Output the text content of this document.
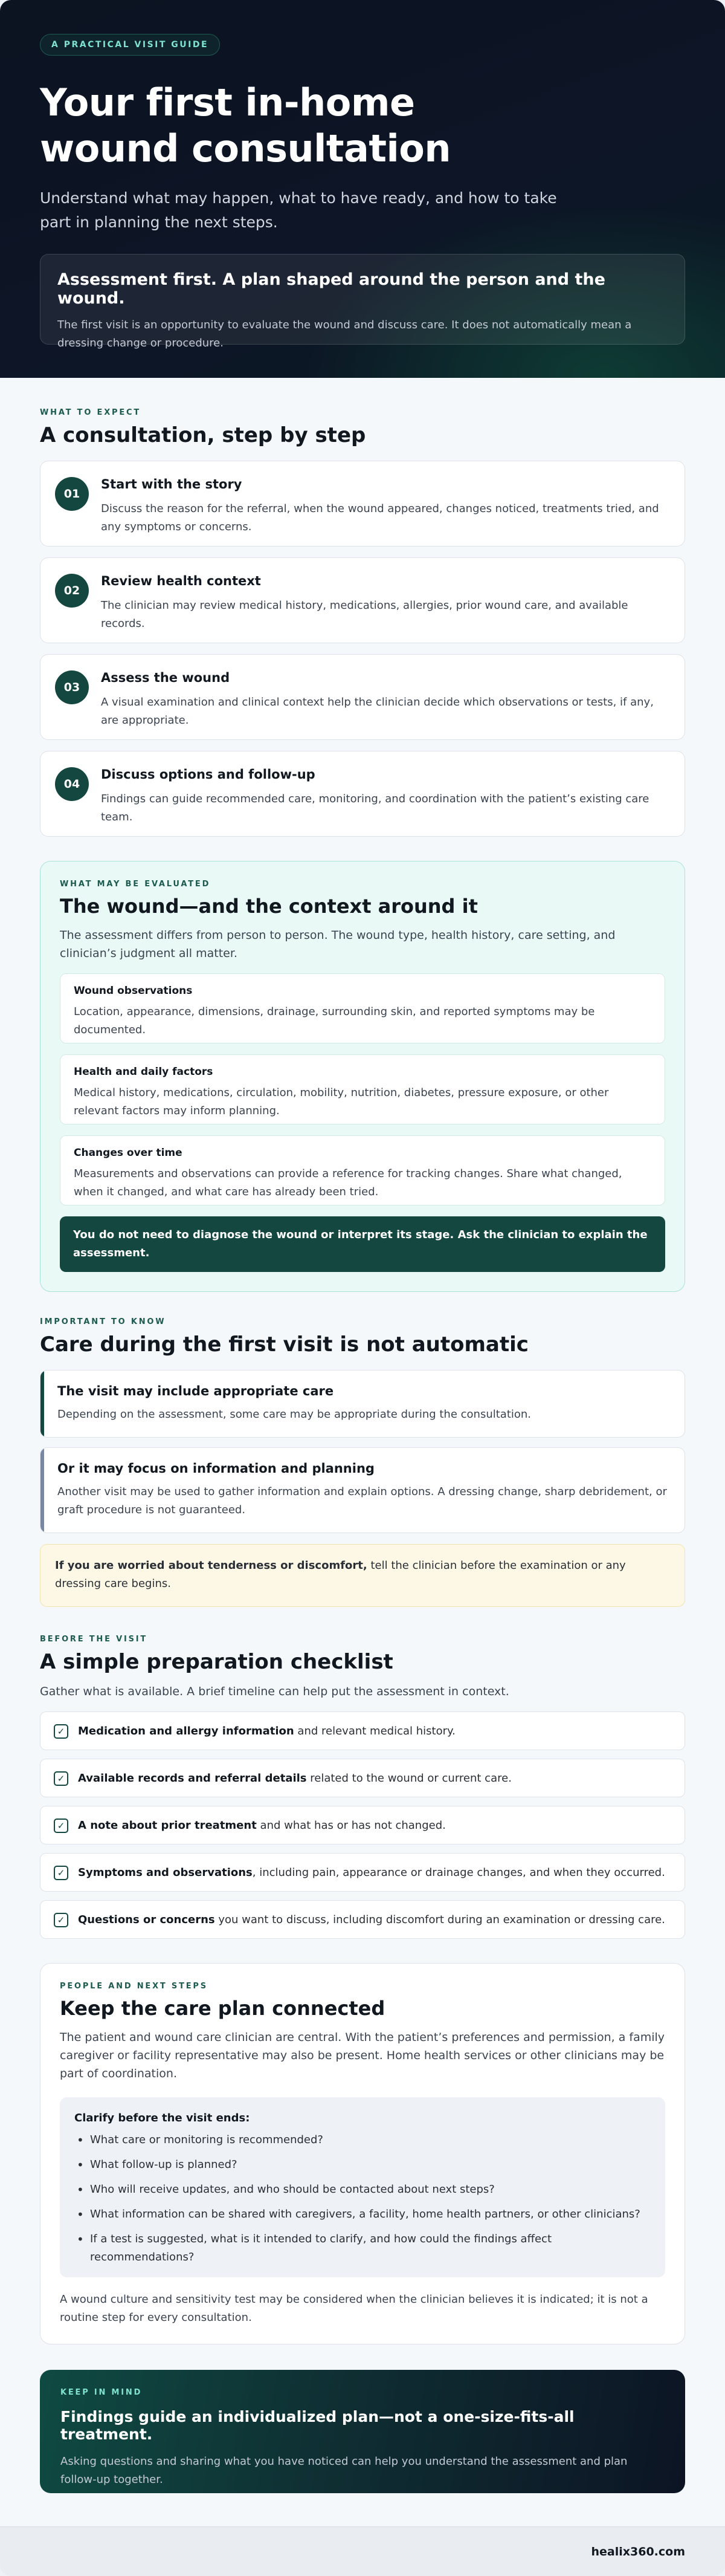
A PRACTICAL VISIT GUIDE
Your first in-home wound consultation

Understand what may happen, what to have ready, and how to take part in planning the next steps.

Assessment first. A plan shaped around the person and the wound.

The first visit is an opportunity to evaluate the wound and discuss care. It does not automatically mean a dressing change or procedure.

WHAT TO EXPECT
A consultation, step by step
01
Start with the story

Discuss the reason for the referral, when the wound appeared, changes noticed, treatments tried, and any symptoms or concerns.

02
Review health context

The clinician may review medical history, medications, allergies, prior wound care, and available records.

03
Assess the wound

A visual examination and clinical context help the clinician decide which observations or tests, if any, are appropriate.

04
Discuss options and follow-up

Findings can guide recommended care, monitoring, and coordination with the patient’s existing care team.

WHAT MAY BE EVALUATED
The wound—and the context around it

The assessment differs from person to person. The wound type, health history, care setting, and clinician’s judgment all matter.

Wound observations

Location, appearance, dimensions, drainage, surrounding skin, and reported symptoms may be documented.

Health and daily factors

Medical history, medications, circulation, mobility, nutrition, diabetes, pressure exposure, or other relevant factors may inform planning.

Changes over time

Measurements and observations can provide a reference for tracking changes. Share what changed, when it changed, and what care has already been tried.

You do not need to diagnose the wound or interpret its stage. Ask the clinician to explain the assessment.
IMPORTANT TO KNOW
Care during the first visit is not automatic
The visit may include appropriate care

Depending on the assessment, some care may be appropriate during the consultation.

Or it may focus on information and planning

Another visit may be used to gather information and explain options. A dressing change, sharp debridement, or graft procedure is not guaranteed.

If you are worried about tenderness or discomfort, tell the clinician before the examination or any dressing care begins.
BEFORE THE VISIT
A simple preparation checklist

Gather what is available. A brief timeline can help put the assessment in context.

✓	Medication and allergy information and relevant medical history.
✓	Available records and referral details related to the wound or current care.
✓	A note about prior treatment and what has or has not changed.
✓	Symptoms and observations, including pain, appearance or drainage changes, and when they occurred.
✓	Questions or concerns you want to discuss, including discomfort during an examination or dressing care.
PEOPLE AND NEXT STEPS
Keep the care plan connected

The patient and wound care clinician are central. With the patient’s preferences and permission, a family caregiver or facility representative may also be present. Home health services or other clinicians may be part of coordination.

Clarify before the visit ends:
• What care or monitoring is recommended?
• What follow-up is planned?
• Who will receive updates, and who should be contacted about next steps?
• What information can be shared with caregivers, a facility, home health partners, or other clinicians?
• If a test is suggested, what is it intended to clarify, and how could the findings affect recommendations?

A wound culture and sensitivity test may be considered when the clinician believes it is indicated; it is not a routine step for every consultation.

KEEP IN MIND
Findings guide an individualized plan—not a one-size-fits-all treatment.

Asking questions and sharing what you have noticed can help you understand the assessment and plan follow-up together.

healix360.com
